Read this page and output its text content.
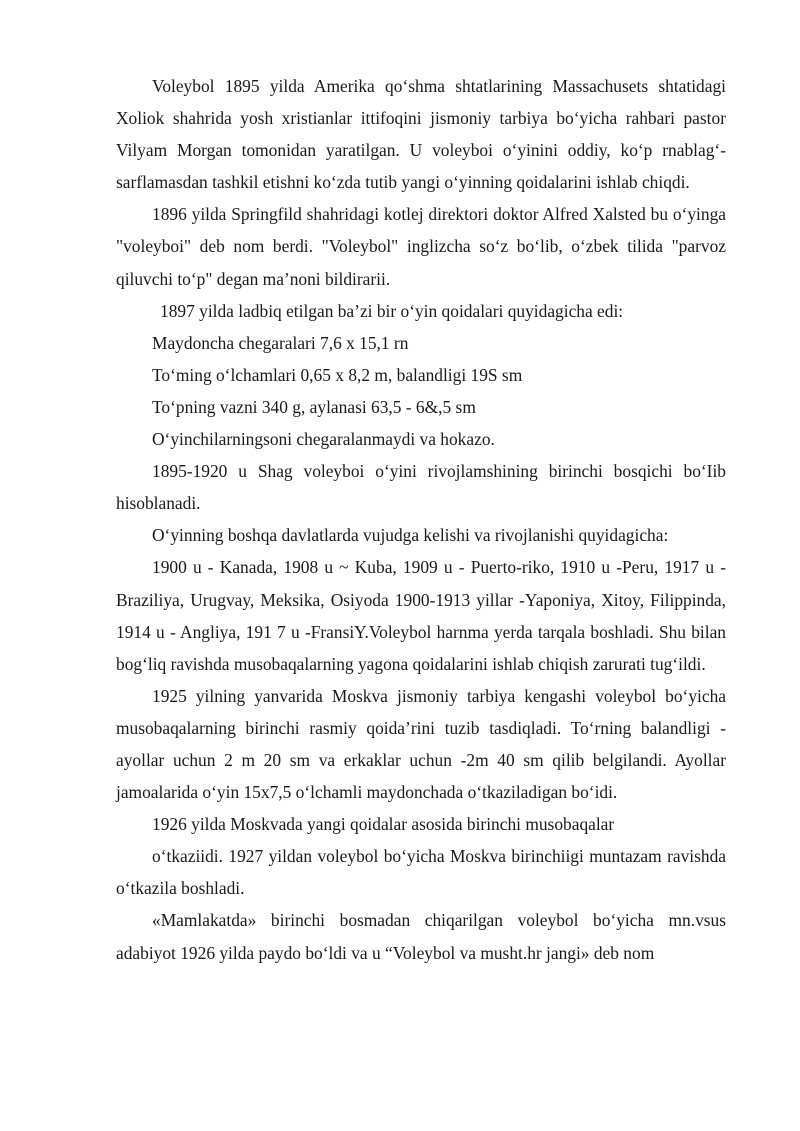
Voleybol 1895 yilda Amerika qo‘shma shtatlarining Massachusets shtatidagi Xoliok shahrida yosh xristianlar ittifoqini jismoniy tarbiya bo‘yicha rahbari pastor Vilyam Morgan tomonidan yaratilgan. U voleyboi o‘yinini oddiy, ko‘p rnablag‘-sarflamasdan tashkil etishni ko‘zda tutib yangi o‘yinning qoidalarini ishlab chiqdi.

1896 yilda Springfild shahridagi kotlej direktori doktor Alfred Xalsted bu o‘yinga "voleyboi" deb nom berdi. "Voleybol" inglizcha so‘z bo‘lib, o‘zbek tilida "parvoz qiluvchi to‘p" degan ma’noni bildirarii.

1897 yilda ladbiq etilgan ba’zi bir o‘yin qoidalari quyidagicha edi:

Maydoncha chegaralari 7,6 x 15,1 rn

To‘ming o‘lchamlari 0,65 x 8,2 m, balandligi 19S sm

To‘pning vazni 340 g, aylanasi 63,5 - 6&,5 sm

O‘yinchilarningsoni chegaralanmaydi va hokazo.

1895-1920 u Shag voleyboi o‘yini rivojlamshining birinchi bosqichi bo‘Iib hisoblanadi.

O‘yinning boshqa davlatlarda vujudga kelishi va rivojlanishi quyidagicha:

1900 u - Kanada, 1908 u ~ Kuba, 1909 u - Puerto-riko, 1910 u -Peru, 1917 u - Braziliya, Urugvay, Meksika, Osiyoda 1900-1913 yillar -Yaponiya, Xitoy, Filippinda, 1914 u - Angliya, 191 7 u -FransiY.Voleybol harnma yerda tarqala boshladi. Shu bilan bog‘liq ravishda musobaqalarning yagona qoidalarini ishlab chiqish zarurati tug‘ildi.

1925 yilning yanvarida Moskva jismoniy tarbiya kengashi voleybol bo‘yicha musobaqalarning birinchi rasmiy qoida’rini tuzib tasdiqladi. To‘rning balandligi - ayollar uchun 2 m 20 sm va erkaklar uchun -2m 40 sm qilib belgilandi. Ayollar jamoalarida o‘yin 15x7,5 o‘lchamli maydonchada o‘tkaziladigan bo‘idi.

1926 yilda Moskvada yangi qoidalar asosida birinchi musobaqalar

o‘tkaziidi. 1927 yildan voleybol bo‘yicha Moskva birinchiigi muntazam ravishda o‘tkazila boshladi.

«Mamlakatda» birinchi bosmadan chiqarilgan voleybol bo‘yicha mn.vsus adabiyot 1926 yilda paydo bo‘ldi va u “Voleybol va musht.hr jangi» deb nom
